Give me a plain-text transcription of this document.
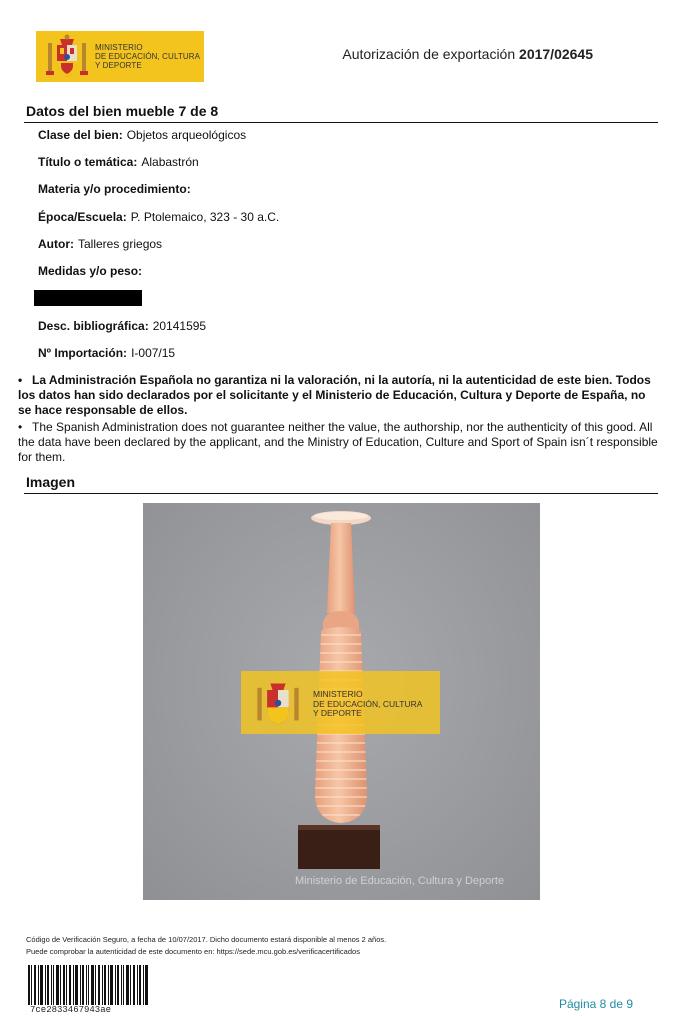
MINISTERIO
DE EDUCACIÓN, CULTURA
Y DEPORTE
Autorización de exportación 2017/02645
Datos del bien mueble 7 de 8
Clase del bien: Objetos arqueológicos
Título o temática: Alabastrón
Materia y/o procedimiento:
Época/Escuela: P. Ptolemaico, 323 - 30 a.C.
Autor: Talleres griegos
Medidas y/o peso:
Desc. bibliográfica: 20141595
Nº Importación: I-007/15
• La Administración Española no garantiza ni la valoración, ni la autoría, ni la autenticidad de este bien. Todos los datos han sido declarados por el solicitante y el Ministerio de Educación, Cultura y Deporte de España, no se hace responsable de ellos.
• The Spanish Administration does not guarantee neither the value, the authorship, nor the authenticity of this good. All the data have been declared by the applicant, and the Ministry of Education, Culture and Sport of Spain isn´t responsible for them.
Imagen
MINISTERIO
DE EDUCACIÓN, CULTURA
Y DEPORTE
Ministerio de Educación, Cultura y Deporte
Código de Verificación Seguro, a fecha de 10/07/2017. Dicho documento estará disponible al menos 2 años.
Puede comprobar la autenticidad de este documento en: https://sede.mcu.gob.es/verificacertificados
7ce2833467943ae	Página 8 de 9
